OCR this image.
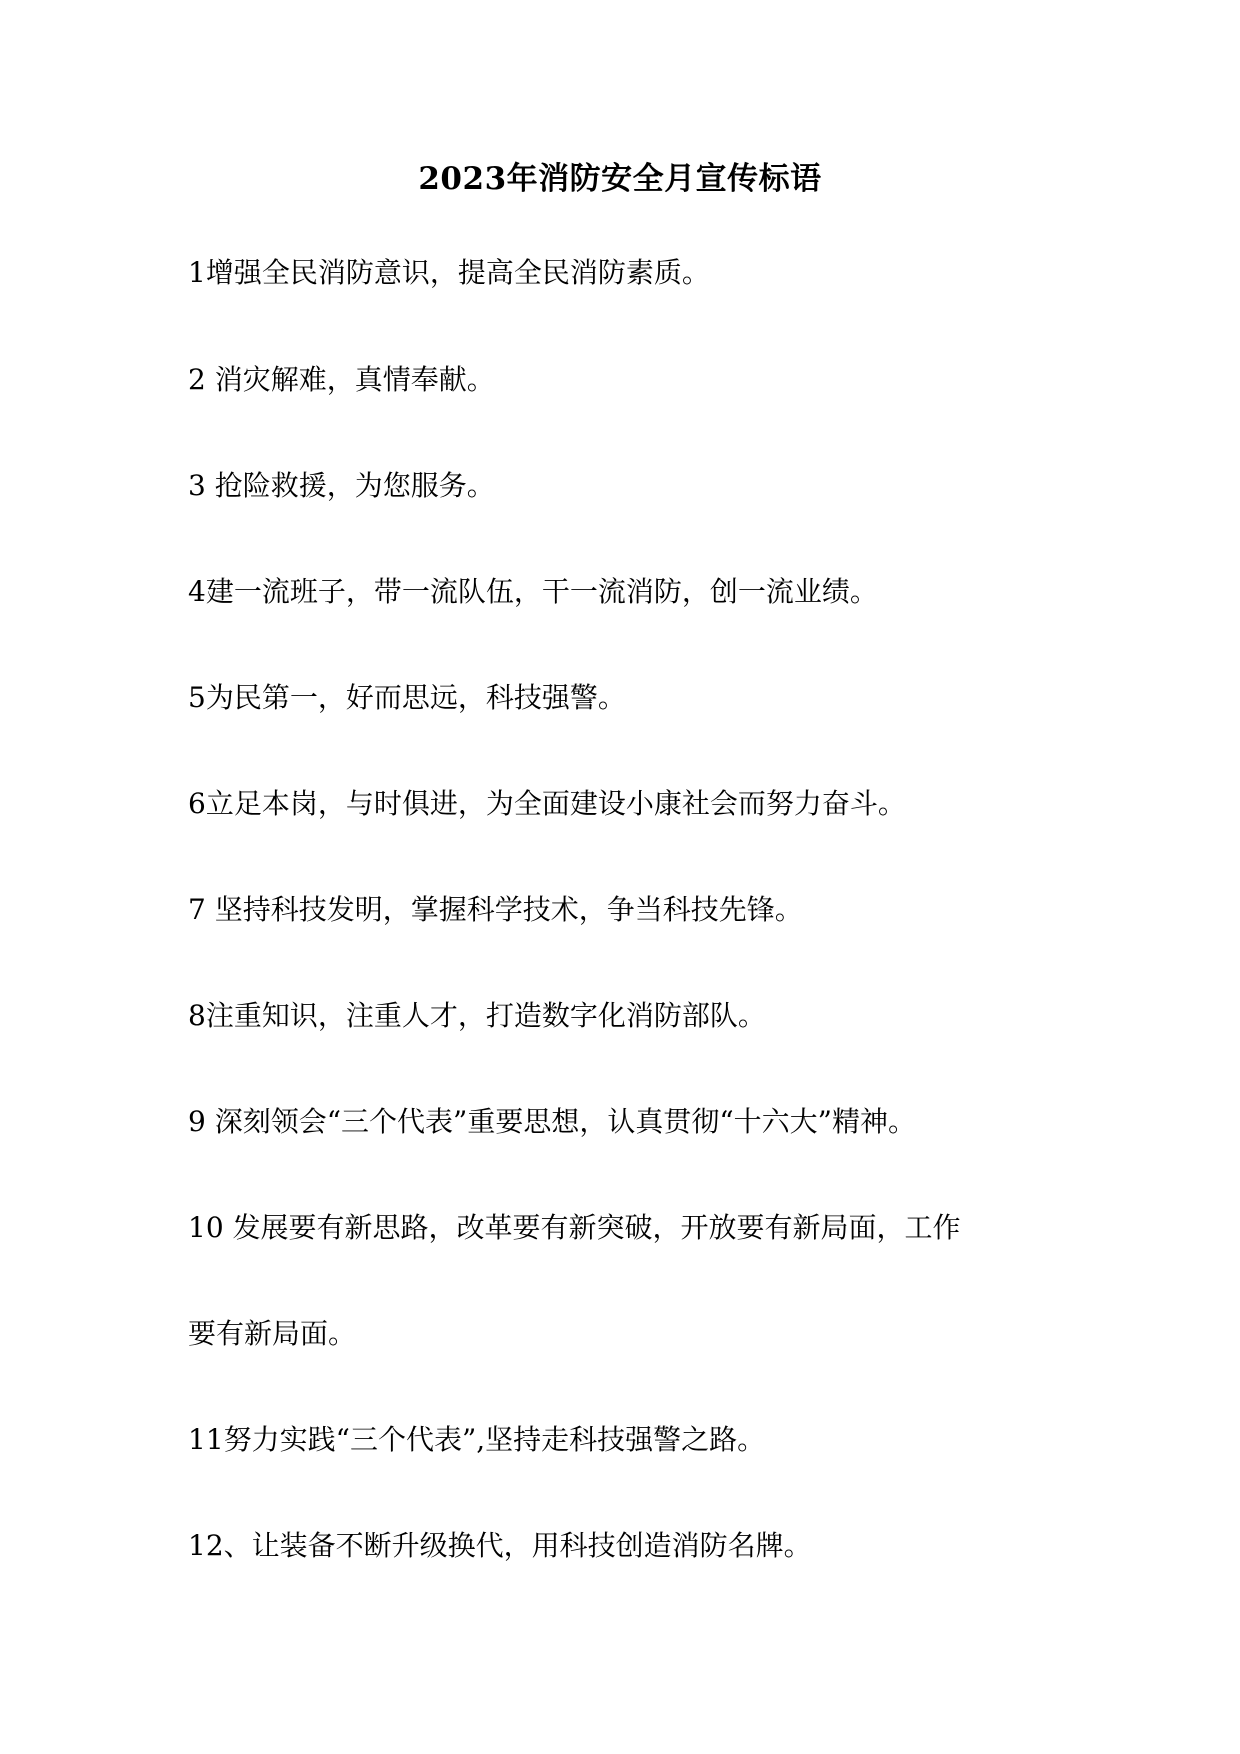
2023年消防安全月宣传标语

1增强全民消防意识，提高全民消防素质。

2 消灾解难，真情奉献。

3 抢险救援，为您服务。

4建一流班子，带一流队伍，干一流消防，创一流业绩。

5为民第一，好而思远，科技强警。

6立足本岗，与时俱进，为全面建设小康社会而努力奋斗。

7 坚持科技发明，掌握科学技术，争当科技先锋。

8注重知识，注重人才，打造数字化消防部队。

9 深刻领会“三个代表”重要思想，认真贯彻“十六大”精神。

10 发展要有新思路，改革要有新突破，开放要有新局面，工作

要有新局面。

11努力实践“三个代表”,坚持走科技强警之路。

12、让装备不断升级换代，用科技创造消防名牌。
